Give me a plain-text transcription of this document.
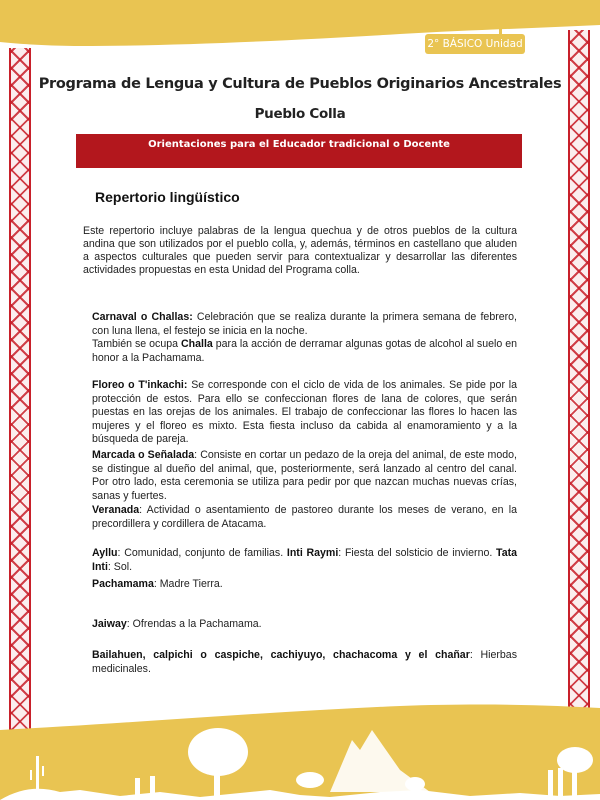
2° BÁSICO Unidad 1
Programa de Lengua y Cultura de Pueblos Originarios Ancestrales
Pueblo Colla
Orientaciones para el Educador tradicional o Docente
Repertorio lingüístico
Este repertorio incluye palabras de la lengua quechua y de otros pueblos de la cultura andina que son utilizados por el pueblo colla, y, además, términos en castellano que aluden a aspectos culturales que pueden servir para contextualizar y desarrollar las diferentes actividades propuestas en esta Unidad del Programa colla.
Carnaval o Challas: Celebración que se realiza durante la primera semana de febrero, con luna llena, el festejo se inicia en la noche.
También se ocupa Challa para la acción de derramar algunas gotas de alcohol al suelo en honor a la Pachamama.
Floreo o T'inkachi: Se corresponde con el ciclo de vida de los animales. Se pide por la protección de estos. Para ello se confeccionan flores de lana de colores, que serán puestas en las orejas de los animales. El trabajo de confeccionar las flores lo hacen las mujeres y el floreo es mixto. Esta fiesta incluso da cabida al enamoramiento y a la búsqueda de pareja.
Marcada o Señalada: Consiste en cortar un pedazo de la oreja del animal, de este modo, se distingue al dueño del animal, que, posteriormente, será lanzado al centro del canal. Por otro lado, esta ceremonia se utiliza para pedir por que nazcan muchas nuevas crías, sanas y fuertes.
Veranada: Actividad o asentamiento de pastoreo durante los meses de verano, en la precordillera y cordillera de Atacama.
Ayllu: Comunidad, conjunto de familias. Inti Raymi: Fiesta del solsticio de invierno. Tata Inti: Sol.
Pachamama: Madre Tierra.
Jaiway: Ofrendas a la Pachamama.
Bailahuen, calpichi o caspiche, cachiyuyo, chachacoma y el chañar: Hierbas medicinales.
